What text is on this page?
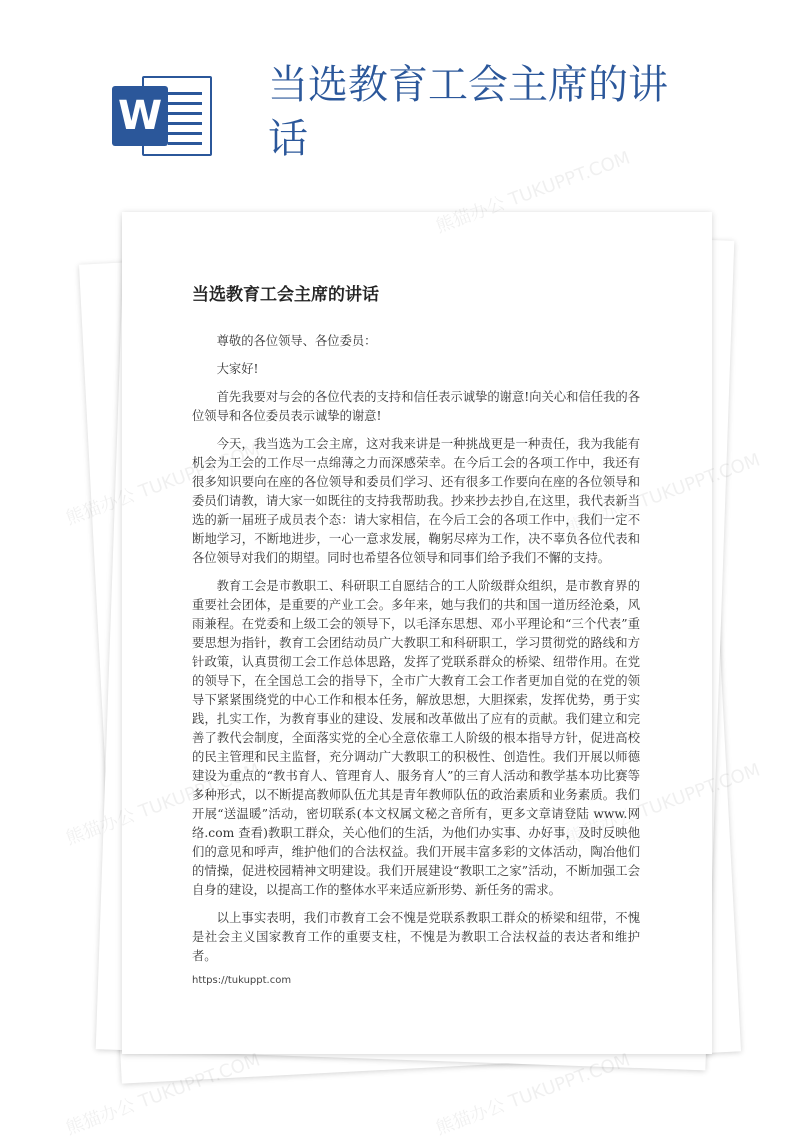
W
当选教育工会主席的讲话
当选教育工会主席的讲话

尊敬的各位领导、各位委员：

大家好!

首先我要对与会的各位代表的支持和信任表示诚挚的谢意!向关心和信任我的各位领导和各位委员表示诚挚的谢意!

今天，我当选为工会主席，这对我来讲是一种挑战更是一种责任，我为我能有机会为工会的工作尽一点绵薄之力而深感荣幸。在今后工会的各项工作中，我还有很多知识要向在座的各位领导和委员们学习、还有很多工作要向在座的各位领导和委员们请教，请大家一如既往的支持我帮助我。抄来抄去抄自,在这里，我代表新当选的新一届班子成员表个态：请大家相信，在今后工会的各项工作中，我们一定不断地学习，不断地进步，一心一意求发展，鞠躬尽瘁为工作，决不辜负各位代表和各位领导对我们的期望。同时也希望各位领导和同事们给予我们不懈的支持。

教育工会是市教职工、科研职工自愿结合的工人阶级群众组织，是市教育界的重要社会团体，是重要的产业工会。多年来，她与我们的共和国一道历经沧桑，风雨兼程。在党委和上级工会的领导下，以毛泽东思想、邓小平理论和“三个代表”重要思想为指针，教育工会团结动员广大教职工和科研职工，学习贯彻党的路线和方针政策，认真贯彻工会工作总体思路，发挥了党联系群众的桥梁、纽带作用。在党的领导下，在全国总工会的指导下，全市广大教育工会工作者更加自觉的在党的领导下紧紧围绕党的中心工作和根本任务，解放思想，大胆探索，发挥优势，勇于实践，扎实工作，为教育事业的建设、发展和改革做出了应有的贡献。我们建立和完善了教代会制度，全面落实党的全心全意依靠工人阶级的根本指导方针，促进高校的民主管理和民主监督，充分调动广大教职工的积极性、创造性。我们开展以师德建设为重点的“教书育人、管理育人、服务育人”的三育人活动和教学基本功比赛等多种形式，以不断提高教师队伍尤其是青年教师队伍的政治素质和业务素质。我们开展“送温暖”活动，密切联系(本文权属文秘之音所有，更多文章请登陆 www.网络.com 查看)教职工群众，关心他们的生活，为他们办实事、办好事，及时反映他们的意见和呼声，维护他们的合法权益。我们开展丰富多彩的文体活动，陶冶他们的情操，促进校园精神文明建设。我们开展建设“教职工之家”活动，不断加强工会自身的建设，以提高工作的整体水平来适应新形势、新任务的需求。

以上事实表明，我们市教育工会不愧是党联系教职工群众的桥梁和纽带，不愧是社会主义国家教育工作的重要支柱，不愧是为教职工合法权益的表达者和维护者。

https://tukuppt.com
熊猫办公 TUKUPPT.COM
熊猫办公
熊猫办公 TUKUPPT.COM	熊猫办公 TUKUPPT.COM
